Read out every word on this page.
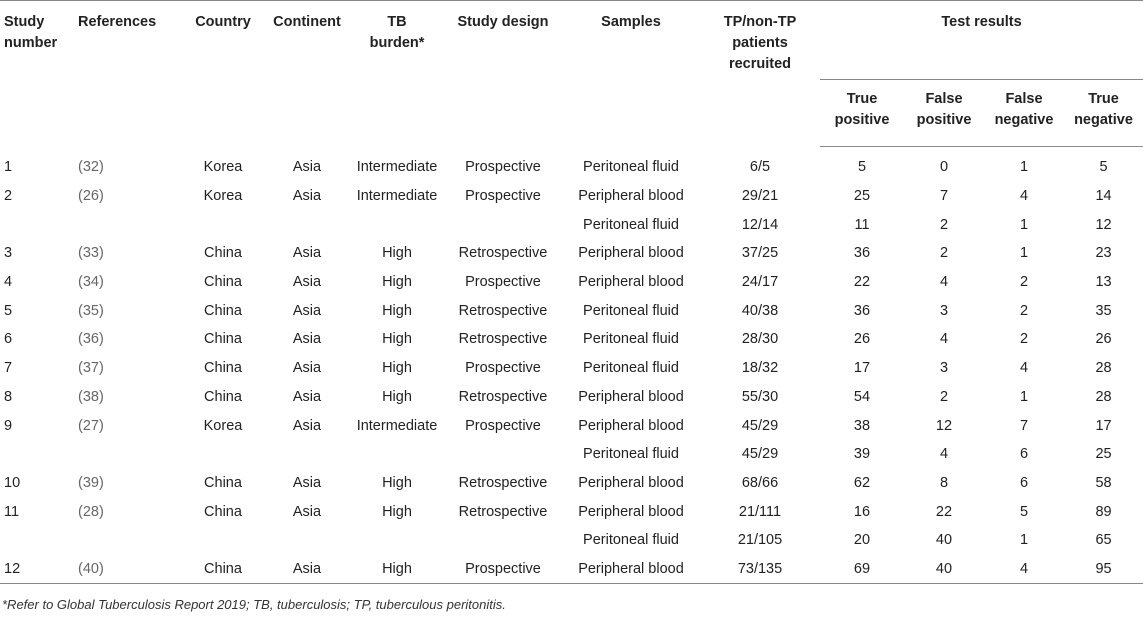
Study number	References	Country	Continent	TB burden*	Study design	Samples	TP/non-TP patients recruited	Test results			
								True positive	False positive	False negative	True negative

1	(32)	Korea	Asia	Intermediate	Prospective	Peritoneal fluid	6/5	5	0	1	5
2	(26)	Korea	Asia	Intermediate	Prospective	Peripheral blood	29/21	25	7	4	14
						Peritoneal fluid	12/14	11	2	1	12
3	(33)	China	Asia	High	Retrospective	Peripheral blood	37/25	36	2	1	23
4	(34)	China	Asia	High	Prospective	Peripheral blood	24/17	22	4	2	13
5	(35)	China	Asia	High	Retrospective	Peritoneal fluid	40/38	36	3	2	35
6	(36)	China	Asia	High	Retrospective	Peritoneal fluid	28/30	26	4	2	26
7	(37)	China	Asia	High	Prospective	Peritoneal fluid	18/32	17	3	4	28
8	(38)	China	Asia	High	Retrospective	Peripheral blood	55/30	54	2	1	28
9	(27)	Korea	Asia	Intermediate	Prospective	Peripheral blood	45/29	38	12	7	17
						Peritoneal fluid	45/29	39	4	6	25
10	(39)	China	Asia	High	Retrospective	Peripheral blood	68/66	62	8	6	58
11	(28)	China	Asia	High	Retrospective	Peripheral blood	21/111	16	22	5	89
						Peritoneal fluid	21/105	20	40	1	65
12	(40)	China	Asia	High	Prospective	Peripheral blood	73/135	69	40	4	95
*Refer to Global Tuberculosis Report 2019; TB, tuberculosis; TP, tuberculous peritonitis.
